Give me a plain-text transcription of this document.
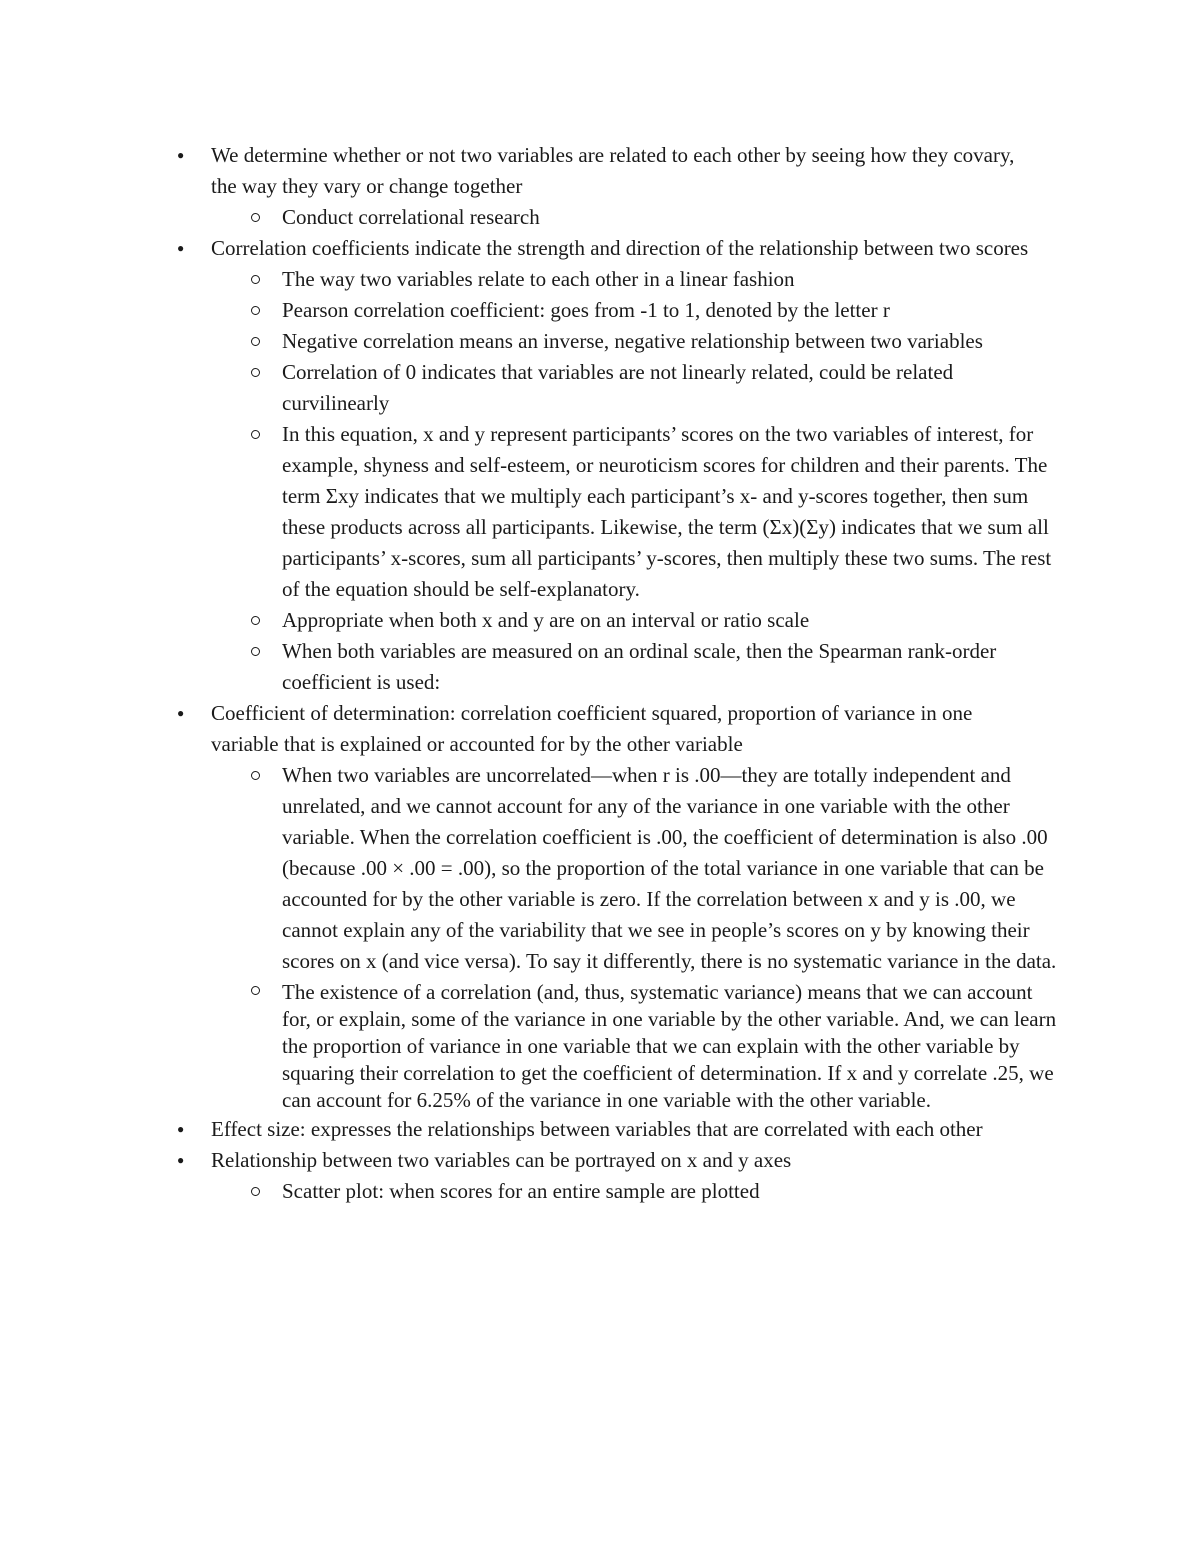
● We determine whether or not two variables are related to each other by seeing how they covary, the way they vary or change together
Conduct correlational research
● Correlation coefficients indicate the strength and direction of the relationship between two scores
The way two variables relate to each other in a linear fashion
Pearson correlation coefficient: goes from -1 to 1, denoted by the letter r
Negative correlation means an inverse, negative relationship between two variables
Correlation of 0 indicates that variables are not linearly related, could be related curvilinearly
In this equation, x and y represent participants’ scores on the two variables of interest, for example, shyness and self-esteem, or neuroticism scores for children and their parents. The term Σxy indicates that we multiply each participant’s x- and y-scores together, then sum these products across all participants. Likewise, the term (Σx)(Σy) indicates that we sum all participants’ x-scores, sum all participants’ y-scores, then multiply these two sums. The rest of the equation should be self-explanatory.
Appropriate when both x and y are on an interval or ratio scale
When both variables are measured on an ordinal scale, then the Spearman rank-order coefficient is used:
● Coefficient of determination: correlation coefficient squared, proportion of variance in one variable that is explained or accounted for by the other variable
When two variables are uncorrelated—when r is .00—they are totally independent and unrelated, and we cannot account for any of the variance in one variable with the other variable. When the correlation coefficient is .00, the coefficient of determination is also .00 (because .00 × .00 = .00), so the proportion of the total variance in one variable that can be accounted for by the other variable is zero. If the correlation between x and y is .00, we cannot explain any of the variability that we see in people’s scores on y by knowing their scores on x (and vice versa). To say it differently, there is no systematic variance in the data.
The existence of a correlation (and, thus, systematic variance) means that we can account for, or explain, some of the variance in one variable by the other variable. And, we can learn the proportion of variance in one variable that we can explain with the other variable by squaring their correlation to get the coefficient of determination. If x and y correlate .25, we can account for 6.25% of the variance in one variable with the other variable.
● Effect size: expresses the relationships between variables that are correlated with each other
● Relationship between two variables can be portrayed on x and y axes
Scatter plot: when scores for an entire sample are plotted
